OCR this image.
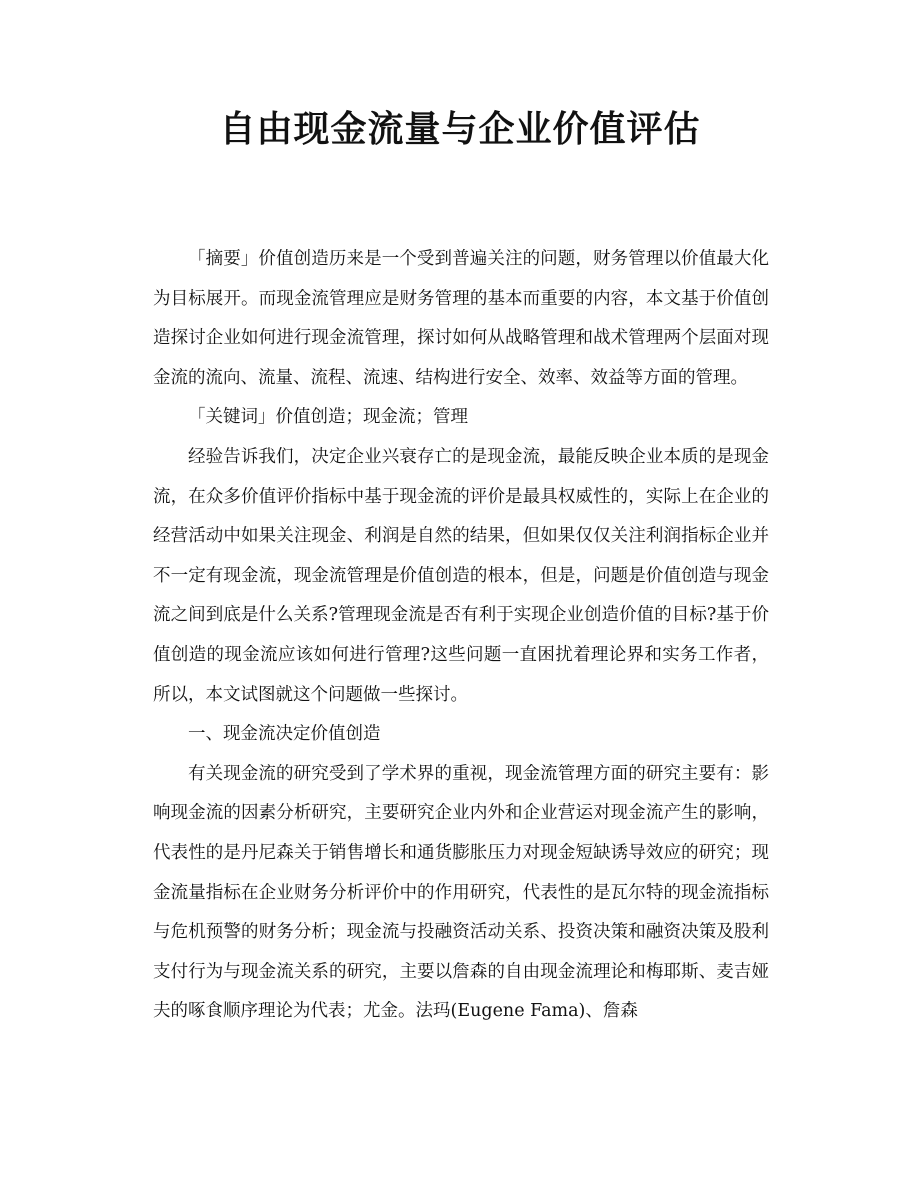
自由现金流量与企业价值评估

「摘要」价值创造历来是一个受到普遍关注的问题，财务管理以价值最大化为目标展开。而现金流管理应是财务管理的基本而重要的内容，本文基于价值创造探讨企业如何进行现金流管理，探讨如何从战略管理和战术管理两个层面对现金流的流向、流量、流程、流速、结构进行安全、效率、效益等方面的管理。

「关键词」价值创造；现金流；管理

经验告诉我们，决定企业兴衰存亡的是现金流，最能反映企业本质的是现金流，在众多价值评价指标中基于现金流的评价是最具权威性的，实际上在企业的经营活动中如果关注现金、利润是自然的结果，但如果仅仅关注利润指标企业并不一定有现金流，现金流管理是价值创造的根本，但是，问题是价值创造与现金流之间到底是什么关系?管理现金流是否有利于实现企业创造价值的目标?基于价值创造的现金流应该如何进行管理?这些问题一直困扰着理论界和实务工作者，所以，本文试图就这个问题做一些探讨。

一、现金流决定价值创造

有关现金流的研究受到了学术界的重视，现金流管理方面的研究主要有：影响现金流的因素分析研究，主要研究企业内外和企业营运对现金流产生的影响，代表性的是丹尼森关于销售增长和通货膨胀压力对现金短缺诱导效应的研究；现金流量指标在企业财务分析评价中的作用研究，代表性的是瓦尔特的现金流指标与危机预警的财务分析；现金流与投融资活动关系、投资决策和融资决策及股利支付行为与现金流关系的研究，主要以詹森的自由现金流理论和梅耶斯、麦吉娅夫的啄食顺序理论为代表；尤金。法玛(Eugene Fama)、詹森
